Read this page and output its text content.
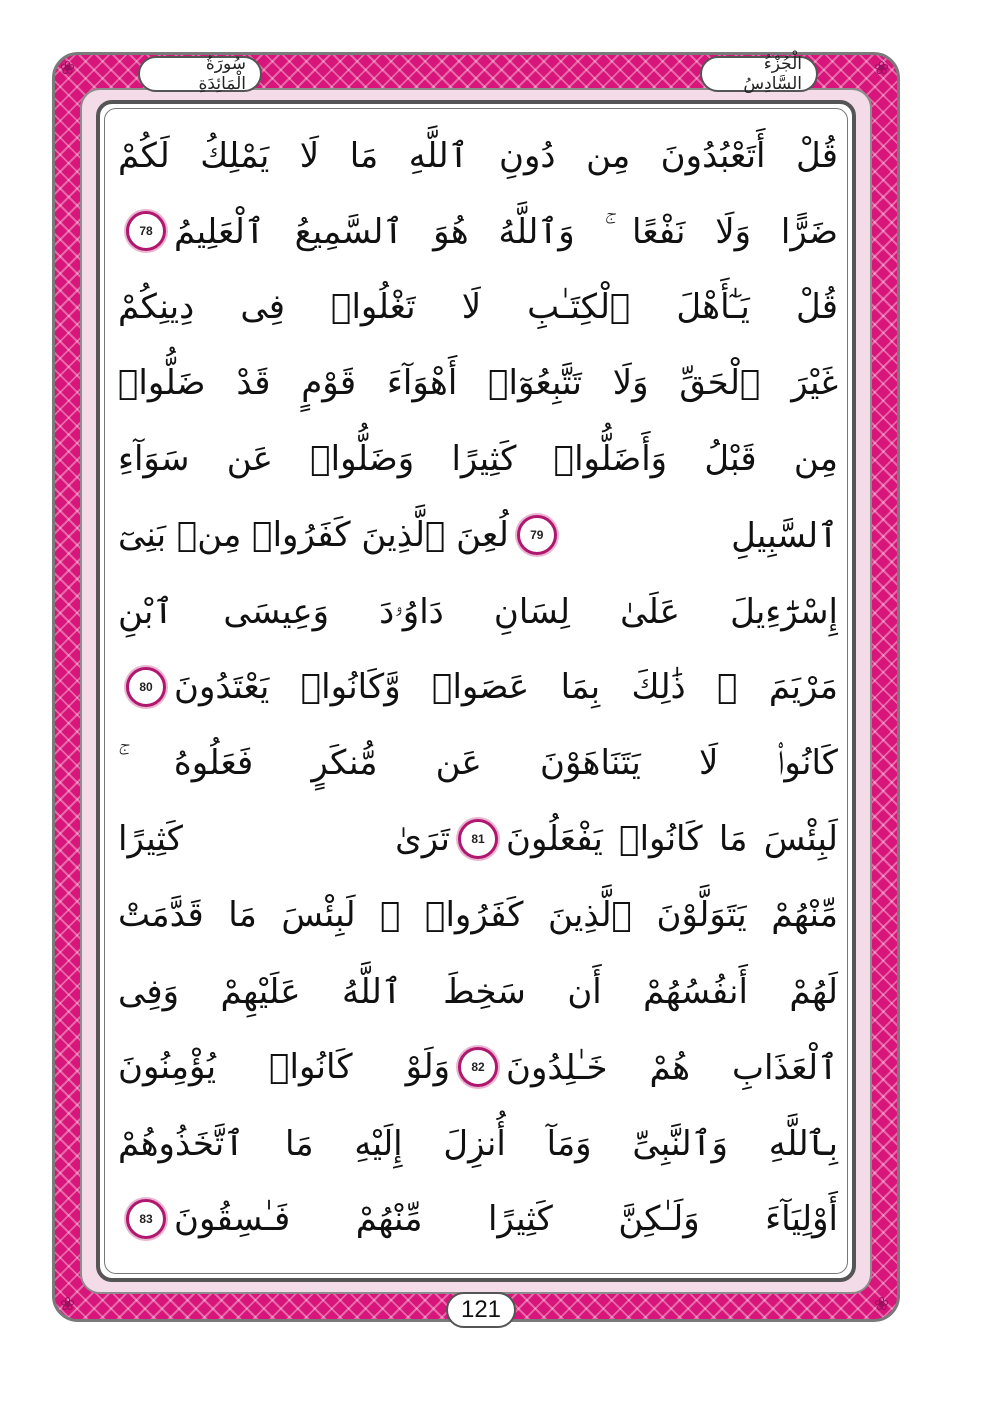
❀	❀
❀	❀
الْجُزْءُ السَّادِسُ
سُورَةُ الْمَائِدَةِ
قُلْ أَتَعْبُدُونَ مِن دُونِ ٱللَّهِ مَا لَا يَمْلِكُ لَكُمْ
ضَرًّا وَلَا نَفْعًا ۚ وَٱللَّهُ هُوَ ٱلسَّمِيعُ ٱلْعَلِيمُ
78
قُلْ يَـٰٓأَهْلَ ٱلْكِتَـٰبِ لَا تَغْلُوا۟ فِى دِينِكُمْ
غَيْرَ ٱلْحَقِّ وَلَا تَتَّبِعُوٓا۟ أَهْوَآءَ قَوْمٍ قَدْ ضَلُّوا۟
مِن قَبْلُ وَأَضَلُّوا۟ كَثِيرًا وَضَلُّوا۟ عَن سَوَآءِ
ٱلسَّبِيلِ
79
لُعِنَ ٱلَّذِينَ كَفَرُوا۟ مِنۢ بَنِىٓ
إِسْرَٰٓءِيلَ عَلَىٰ لِسَانِ دَاوُۥدَ وَعِيسَى ٱبْنِ
مَرْيَمَ ۚ ذَٰلِكَ بِمَا عَصَوا۟ وَّكَانُوا۟ يَعْتَدُونَ
80
كَانُوا۟ لَا يَتَنَاهَوْنَ عَن مُّنكَرٍ فَعَلُوهُ ۚ
لَبِئْسَ مَا كَانُوا۟ يَفْعَلُونَ
81
تَرَىٰ كَثِيرًا
مِّنْهُمْ يَتَوَلَّوْنَ ٱلَّذِينَ كَفَرُوا۟ ۚ لَبِئْسَ مَا قَدَّمَتْ
لَهُمْ أَنفُسُهُمْ أَن سَخِطَ ٱللَّهُ عَلَيْهِمْ وَفِى
ٱلْعَذَابِ هُمْ خَـٰلِدُونَ
82
وَلَوْ كَانُوا۟ يُؤْمِنُونَ
بِٱللَّهِ وَٱلنَّبِىِّ وَمَآ أُنزِلَ إِلَيْهِ مَا ٱتَّخَذُوهُمْ
أَوْلِيَآءَ وَلَـٰكِنَّ كَثِيرًا مِّنْهُمْ فَـٰسِقُونَ
83
121
